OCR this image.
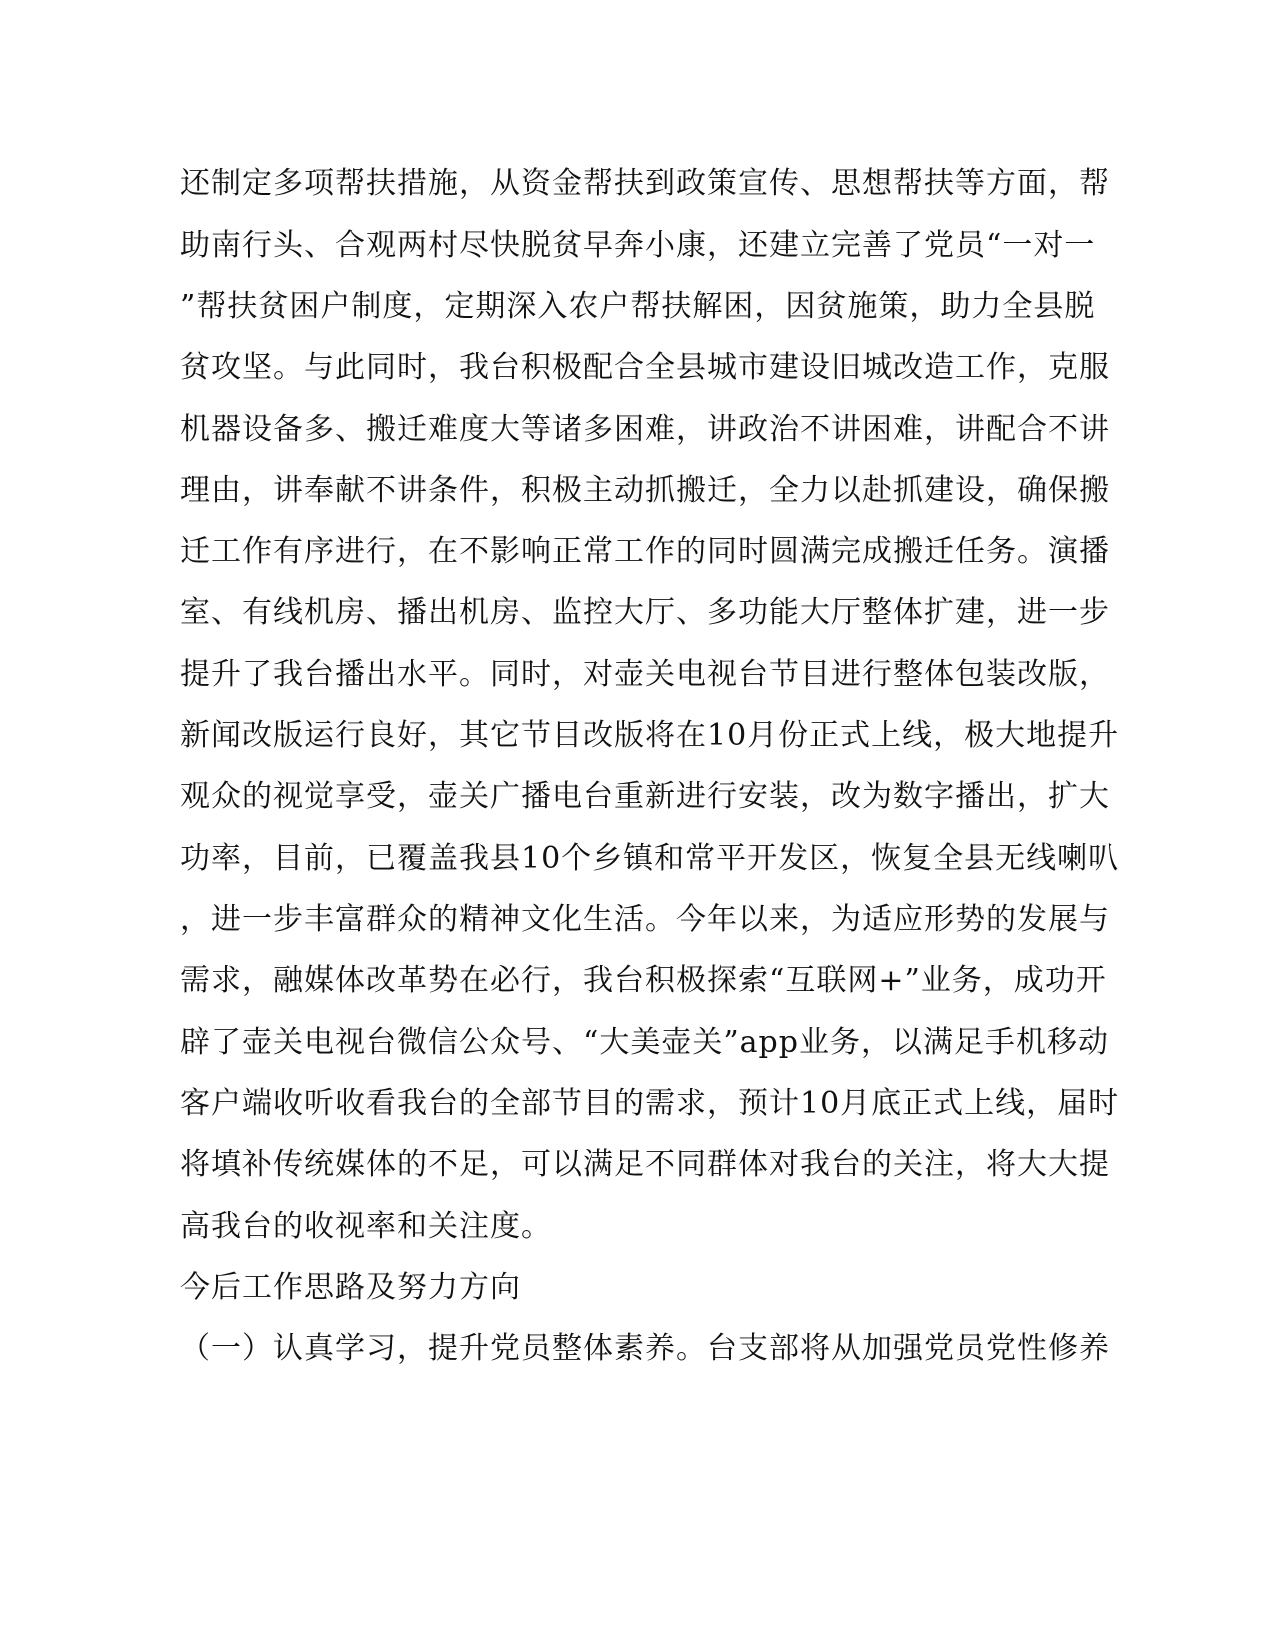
还制定多项帮扶措施，从资金帮扶到政策宣传、思想帮扶等方面，帮
助南行头、合观两村尽快脱贫早奔小康，还建立完善了党员“一对一
”帮扶贫困户制度，定期深入农户帮扶解困，因贫施策，助力全县脱
贫攻坚。与此同时，我台积极配合全县城市建设旧城改造工作，克服
机器设备多、搬迁难度大等诸多困难，讲政治不讲困难，讲配合不讲
理由，讲奉献不讲条件，积极主动抓搬迁，全力以赴抓建设，确保搬
迁工作有序进行，在不影响正常工作的同时圆满完成搬迁任务。演播
室、有线机房、播出机房、监控大厅、多功能大厅整体扩建，进一步
提升了我台播出水平。同时，对壶关电视台节目进行整体包装改版，
新闻改版运行良好，其它节目改版将在10月份正式上线，极大地提升
观众的视觉享受，壶关广播电台重新进行安装，改为数字播出，扩大
功率，目前，已覆盖我县10个乡镇和常平开发区，恢复全县无线喇叭
，进一步丰富群众的精神文化生活。今年以来，为适应形势的发展与
需求，融媒体改革势在必行，我台积极探索“互联网+”业务，成功开
辟了壶关电视台微信公众号、“大美壶关”app业务，以满足手机移动
客户端收听收看我台的全部节目的需求，预计10月底正式上线，届时
将填补传统媒体的不足，可以满足不同群体对我台的关注，将大大提
高我台的收视率和关注度。
今后工作思路及努力方向
（一）认真学习，提升党员整体素养。台支部将从加强党员党性修养
